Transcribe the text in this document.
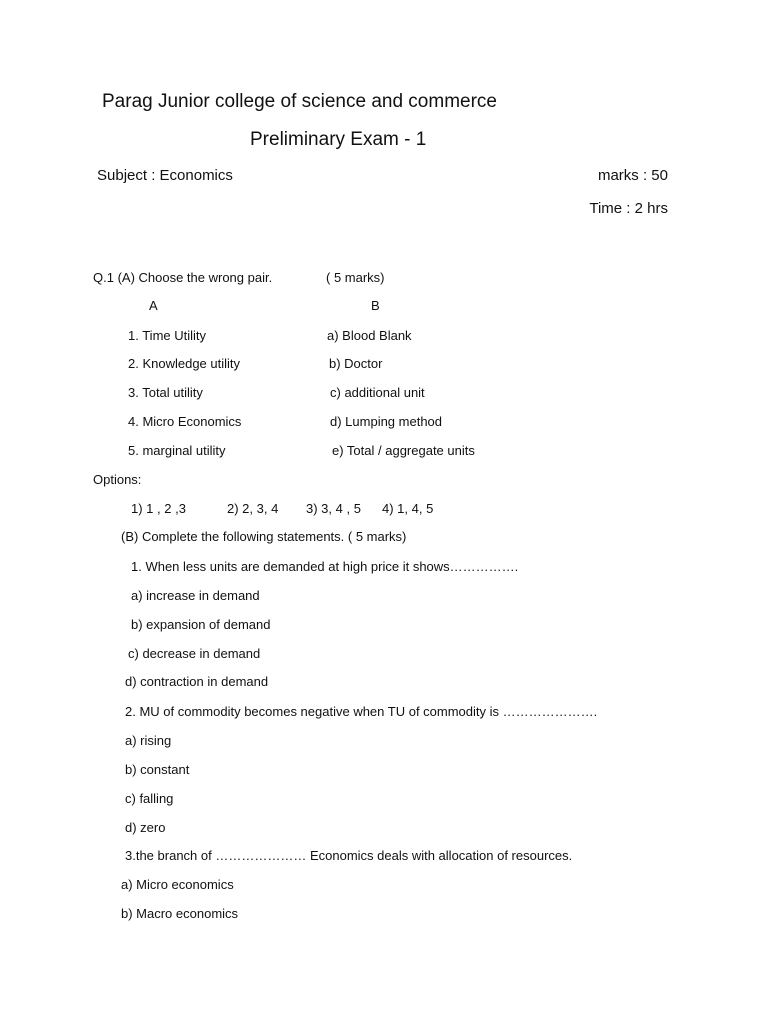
Parag Junior college of science and commerce
Preliminary Exam - 1
Subject : Economics	marks : 50
Time : 2 hrs
Q.1 (A) Choose the wrong pair.	( 5 marks)
A	B
1. Time Utility	a) Blood Blank
2. Knowledge utility	b) Doctor
3. Total utility	c) additional unit
4. Micro Economics	d) Lumping method
5. marginal utility	e) Total / aggregate units
Options:
1) 1 , 2 ,3	2) 2, 3, 4 3) 3, 4 , 5 4) 1, 4, 5
(B) Complete the following statements. ( 5 marks)
1. When less units are demanded at high price it shows…………….
a) increase in demand
b) expansion of demand
c) decrease in demand
d) contraction in demand
2. MU of commodity becomes negative when TU of commodity is ………………….
a) rising
b) constant
c) falling
d) zero
3.the branch of ………………… Economics deals with allocation of resources.
a) Micro economics
b) Macro economics
